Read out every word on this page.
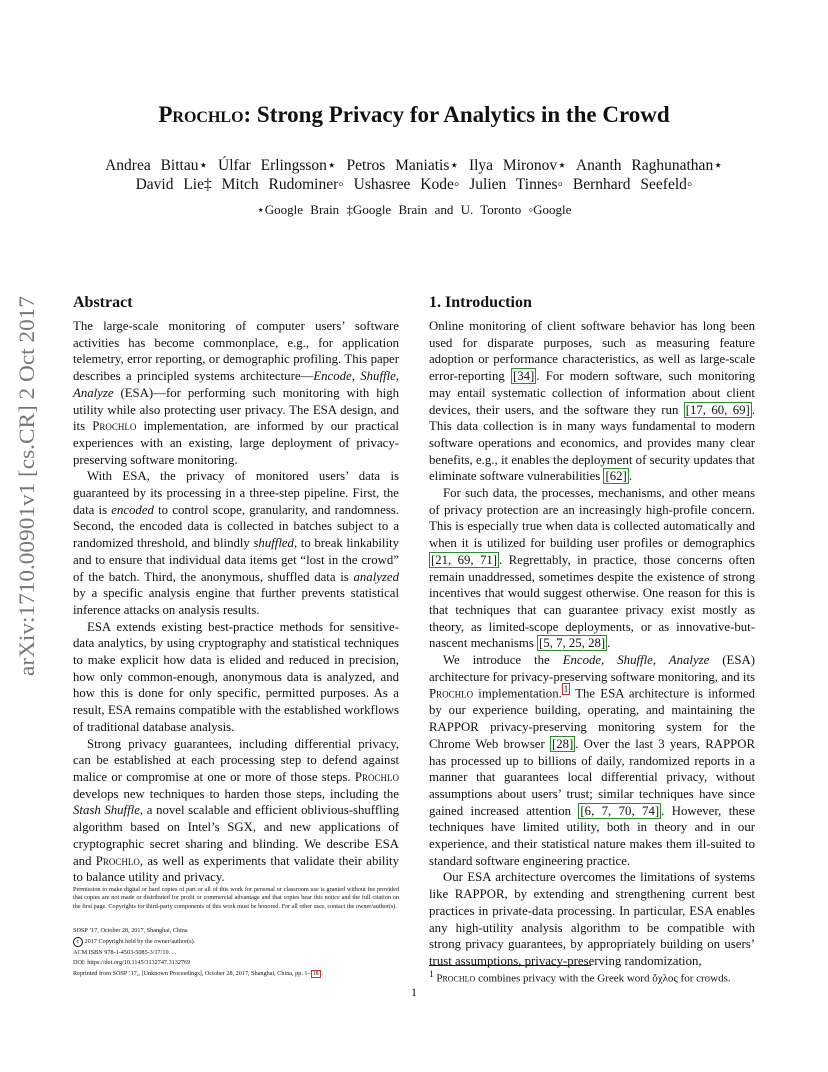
arXiv:1710.00901v1 [cs.CR] 2 Oct 2017
Prochlo: Strong Privacy for Analytics in the Crowd
Andrea Bittau⋆ Úlfar Erlingsson⋆ Petros Maniatis⋆ Ilya Mironov⋆ Ananth Raghunathan⋆
David Lie‡ Mitch Rudominer◦ Ushasree Kode◦ Julien Tinnes◦ Bernhard Seefeld◦
⋆Google Brain ‡Google Brain and U. Toronto ◦Google
Abstract

The large-scale monitoring of computer users’ software activities has become commonplace, e.g., for application telemetry, error reporting, or demographic profiling. This paper describes a principled systems architecture—Encode, Shuffle, Analyze (ESA)—for performing such monitoring with high utility while also protecting user privacy. The ESA design, and its Prochlo implementation, are informed by our practical experiences with an existing, large deployment of privacy-preserving software monitoring.

With ESA, the privacy of monitored users’ data is guaranteed by its processing in a three-step pipeline. First, the data is encoded to control scope, granularity, and randomness. Second, the encoded data is collected in batches subject to a randomized threshold, and blindly shuffled, to break linkability and to ensure that individual data items get “lost in the crowd” of the batch. Third, the anonymous, shuffled data is analyzed by a specific analysis engine that further prevents statistical inference attacks on analysis results.

ESA extends existing best-practice methods for sensitive-data analytics, by using cryptography and statistical techniques to make explicit how data is elided and reduced in precision, how only common-enough, anonymous data is analyzed, and how this is done for only specific, permitted purposes. As a result, ESA remains compatible with the established workflows of traditional database analysis.

Strong privacy guarantees, including differential privacy, can be established at each processing step to defend against malice or compromise at one or more of those steps. Prochlo develops new techniques to harden those steps, including the Stash Shuffle, a novel scalable and efficient oblivious-shuffling algorithm based on Intel’s SGX, and new applications of cryptographic secret sharing and blinding. We describe ESA and Prochlo, as well as experiments that validate their ability to balance utility and privacy.

Permission to make digital or hard copies of part or all of this work for personal or classroom use is granted without fee provided that copies are not made or distributed for profit or commercial advantage and that copies bear this notice and the full citation on the first page. Copyrights for third-party components of this work must be honored. For all other uses, contact the owner/author(s).
SOSP ’17, October 28, 2017, Shanghai, China
c 2017 Copyright held by the owner/author(s).
ACM ISBN 978-1-4503-5085-3/17/10. . .
DOI: https://doi.org/10.1145/3132747.3132769
Reprinted from SOSP ’17,, [Unknown Proceedings], October 28, 2017, Shanghai, China, pp. 1– 18
1. Introduction

Online monitoring of client software behavior has long been used for disparate purposes, such as measuring feature adoption or performance characteristics, as well as large-scale error-reporting [34] . For modern software, such monitoring may entail systematic collection of information about client devices, their users, and the software they run [17, 60, 69] . This data collection is in many ways fundamental to modern software operations and economics, and provides many clear benefits, e.g., it enables the deployment of security updates that eliminate software vulnerabilities [62] .

For such data, the processes, mechanisms, and other means of privacy protection are an increasingly high-profile concern. This is especially true when data is collected automatically and when it is utilized for building user profiles or demographics [21, 69, 71] . Regrettably, in practice, those concerns often remain unaddressed, sometimes despite the existence of strong incentives that would suggest otherwise. One reason for this is that techniques that can guarantee privacy exist mostly as theory, as limited-scope deployments, or as innovative-but-nascent mechanisms [5, 7, 25, 28] .

We introduce the Encode, Shuffle, Analyze (ESA) architecture for privacy-preserving software monitoring, and its Prochlo implementation. $^1$ The ESA architecture is informed by our experience building, operating, and maintaining the RAPPOR privacy-preserving monitoring system for the Chrome Web browser [28] . Over the last 3 years, RAPPOR has processed up to billions of daily, randomized reports in a manner that guarantees local differential privacy, without assumptions about users’ trust; similar techniques have since gained increased attention [6, 7, 70, 74] . However, these techniques have limited utility, both in theory and in our experience, and their statistical nature makes them ill-suited to standard software engineering practice.

Our ESA architecture overcomes the limitations of systems like RAPPOR, by extending and strengthening current best practices in private-data processing. In particular, ESA enables any high-utility analysis algorithm to be compatible with strong privacy guarantees, by appropriately building on users’ trust assumptions, privacy-preserving randomization,

$^1$ Prochlo combines privacy with the Greek word ὄχλος for crowds.
1
